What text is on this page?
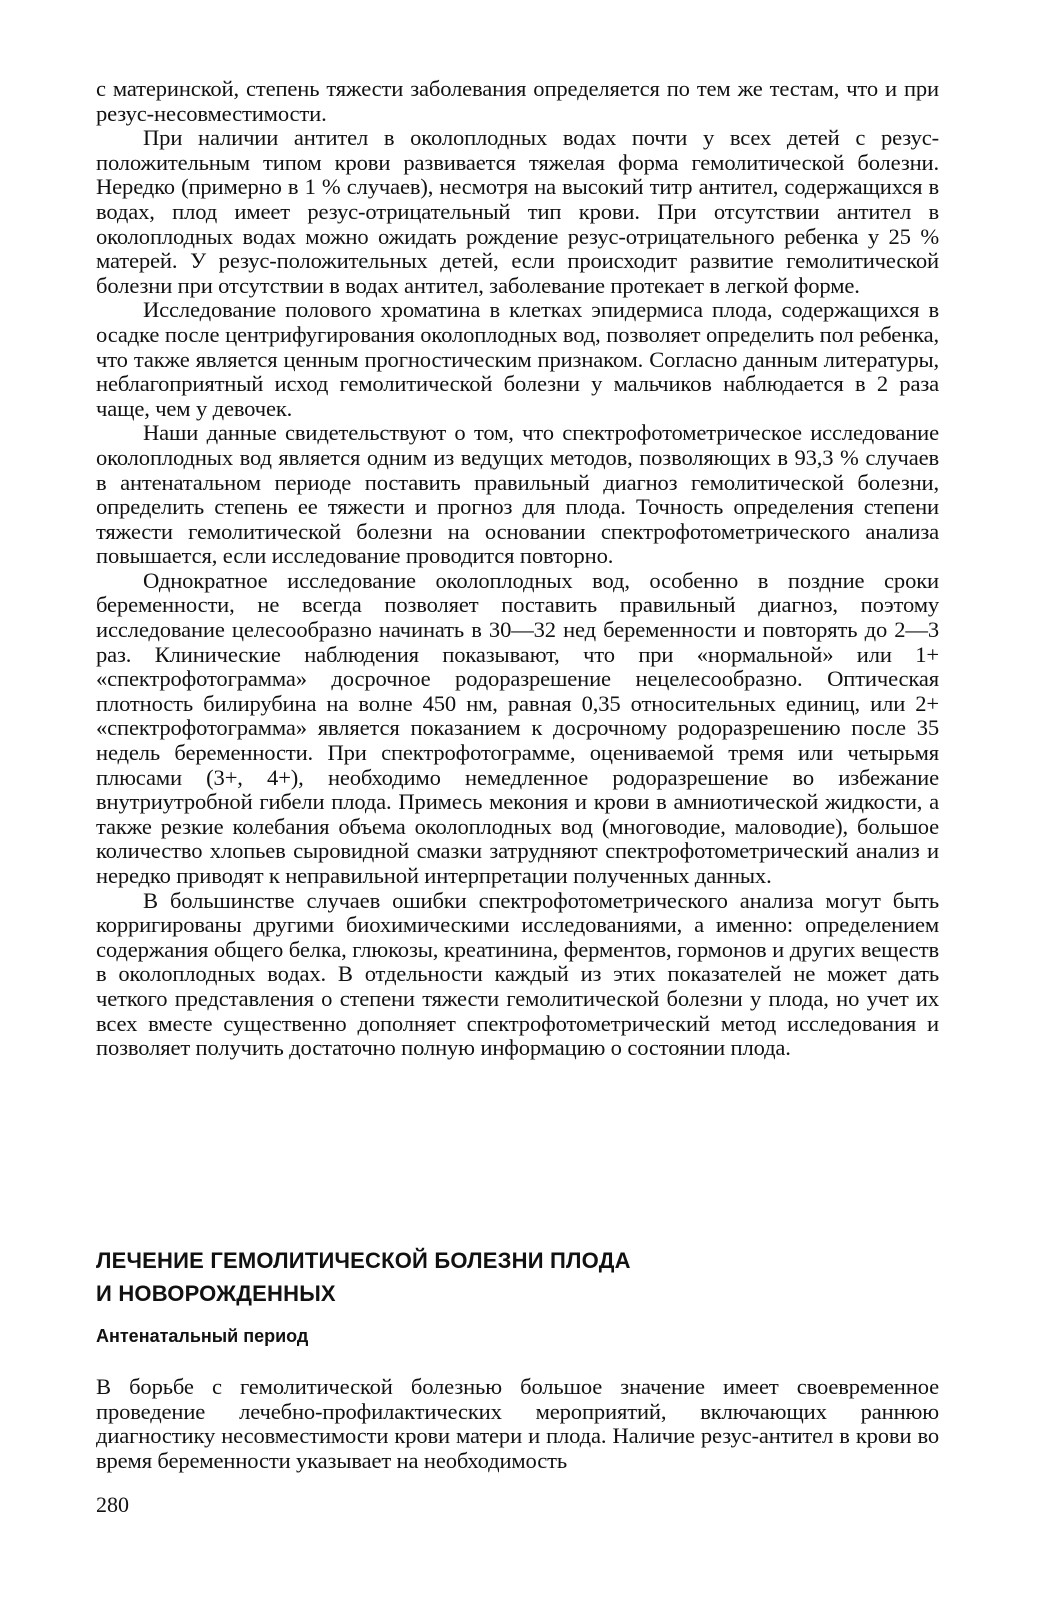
с материнской, степень тяжести заболевания определяется по тем же тестам, что и при резус-несовместимости.

При наличии антител в околоплодных водах почти у всех детей с резус-положительным типом крови развивается тяжелая форма гемолитической болезни. Нередко (примерно в 1 % случаев), несмотря на высокий титр антител, содержащихся в водах, плод имеет резус-отрицательный тип крови. При отсутствии антител в околоплодных водах можно ожидать рождение резус-отрицательного ребенка у 25 % матерей. У резус-положительных детей, если происходит развитие гемолитической болезни при отсутствии в водах антител, заболевание протекает в легкой форме.

Исследование полового хроматина в клетках эпидермиса плода, содержащихся в осадке после центрифугирования околоплодных вод, позволяет определить пол ребенка, что также является ценным прогностическим признаком. Согласно данным литературы, неблагоприятный исход гемолитической болезни у мальчиков наблюдается в 2 раза чаще, чем у девочек.

Наши данные свидетельствуют о том, что спектрофотометрическое исследование околоплодных вод является одним из ведущих методов, позволяющих в 93,3 % случаев в антенатальном периоде поставить правильный диагноз гемолитической болезни, определить степень ее тяжести и прогноз для плода. Точность определения степени тяжести гемолитической болезни на основании спектрофотометрического анализа повышается, если исследование проводится повторно.

Однократное исследование околоплодных вод, особенно в поздние сроки беременности, не всегда позволяет поставить правильный диагноз, поэтому исследование целесообразно начинать в 30—32 нед беременности и повторять до 2—3 раз. Клинические наблюдения показывают, что при «нормальной» или 1+ «спектрофотограмма» досрочное родоразрешение нецелесообразно. Оптическая плотность билирубина на волне 450 нм, равная 0,35 относительных единиц, или 2+ «спектрофотограмма» является показанием к досрочному родоразрешению после 35 недель беременности. При спектрофотограмме, оцениваемой тремя или четырьмя плюсами (3+, 4+), необходимо немедленное родоразрешение во избежание внутриутробной гибели плода. Примесь мекония и крови в амниотической жидкости, а также резкие колебания объема околоплодных вод (многоводие, маловодие), большое количество хлопьев сыровидной смазки затрудняют спектрофотометрический анализ и нередко приводят к неправильной интерпретации полученных данных.

В большинстве случаев ошибки спектрофотометрического анализа могут быть корригированы другими биохимическими исследованиями, а именно: определением содержания общего белка, глюкозы, креатинина, ферментов, гормонов и других веществ в околоплодных водах. В отдельности каждый из этих показателей не может дать четкого представления о степени тяжести гемолитической болезни у плода, но учет их всех вместе существенно дополняет спектрофотометрический метод исследования и позволяет получить достаточно полную информацию о состоянии плода.

ЛЕЧЕНИЕ ГЕМОЛИТИЧЕСКОЙ БОЛЕЗНИ ПЛОДА
И НОВОРОЖДЕННЫХ
Антенатальный период

В борьбе с гемолитической болезнью большое значение имеет своевременное проведение лечебно-профилактических мероприятий, включающих раннюю диагностику несовместимости крови матери и плода. Наличие резус-антител в крови во время беременности указывает на необходимость

280
